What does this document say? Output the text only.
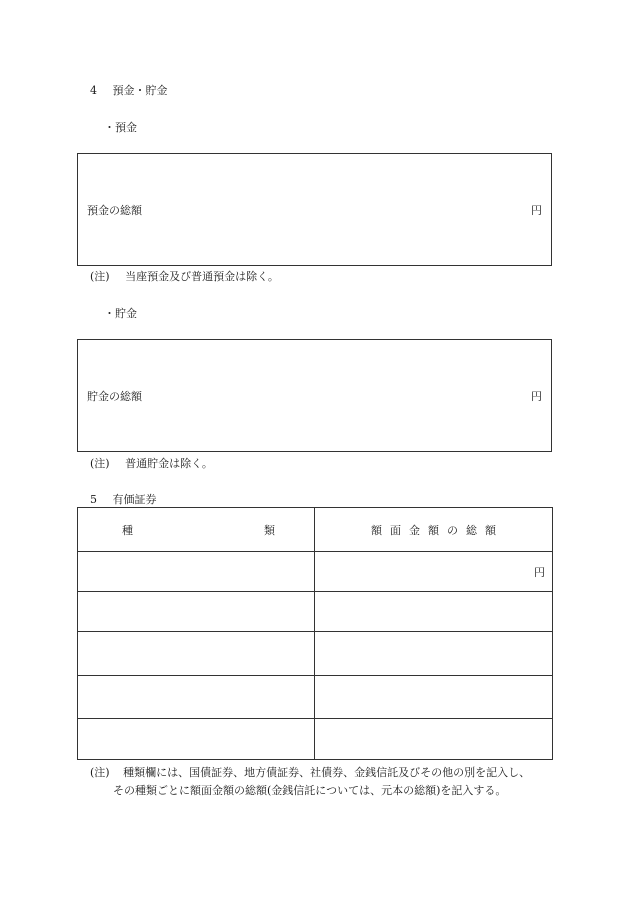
4 預金・貯金
・預金
預金の総額	円
(注) 当座預金及び普通預金は除く。
・貯金
貯金の総額	円
(注) 普通貯金は除く。
5 有価証券
種 類	額面金額の総額

	円

(注) 種類欄には、国債証券、地方債証券、社債券、金銭信託及びその他の別を記入し、
その種類ごとに額面金額の総額(金銭信託については、元本の総額)を記入する。
